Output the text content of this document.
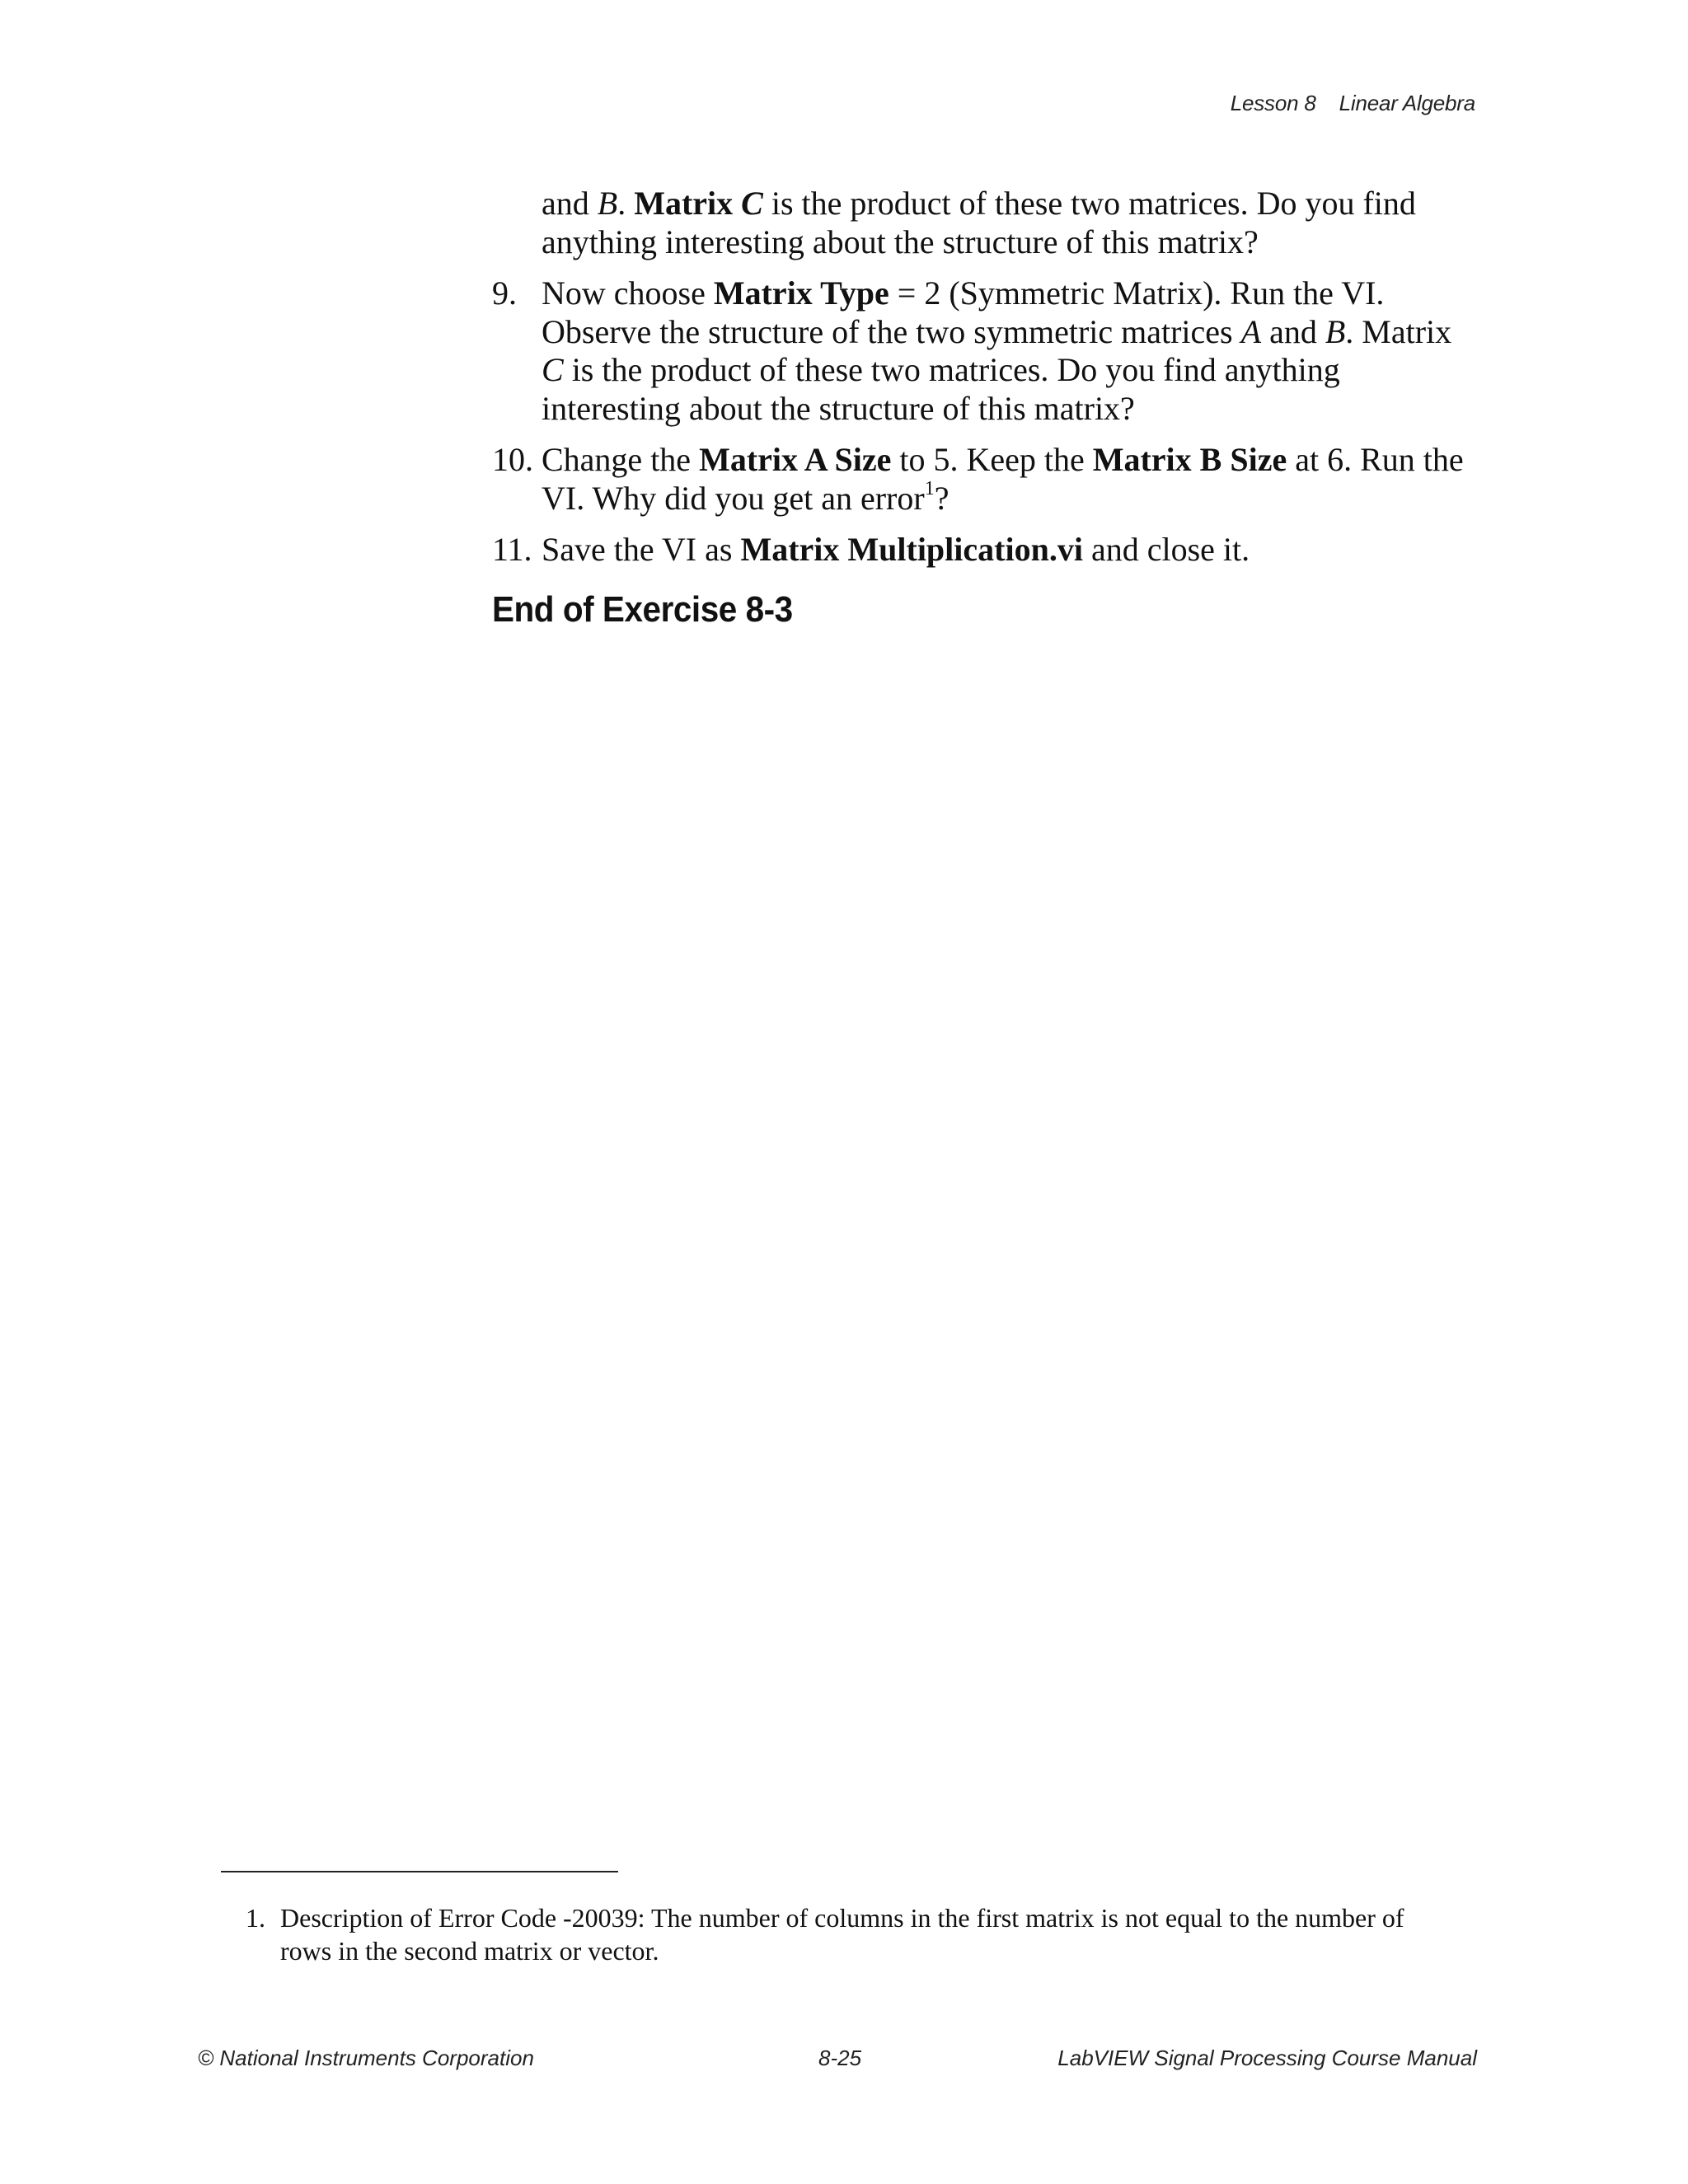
Lesson 8 Linear Algebra

and B. Matrix C is the product of these two matrices. Do you find anything interesting about the structure of this matrix?

9. Now choose Matrix Type = 2 (Symmetric Matrix). Run the VI. Observe the structure of the two symmetric matrices A and B. Matrix C is the product of these two matrices. Do you find anything interesting about the structure of this matrix?
10. Change the Matrix A Size to 5. Keep the Matrix B Size at 6. Run the VI. Why did you get an error$^1$?
11. Save the VI as Matrix Multiplication.vi and close it.
End of Exercise 8-3
1. Description of Error Code -20039: The number of columns in the first matrix is not equal to the number of rows in the second matrix or vector.
© National Instruments Corporation	8-25	LabVIEW Signal Processing Course Manual
